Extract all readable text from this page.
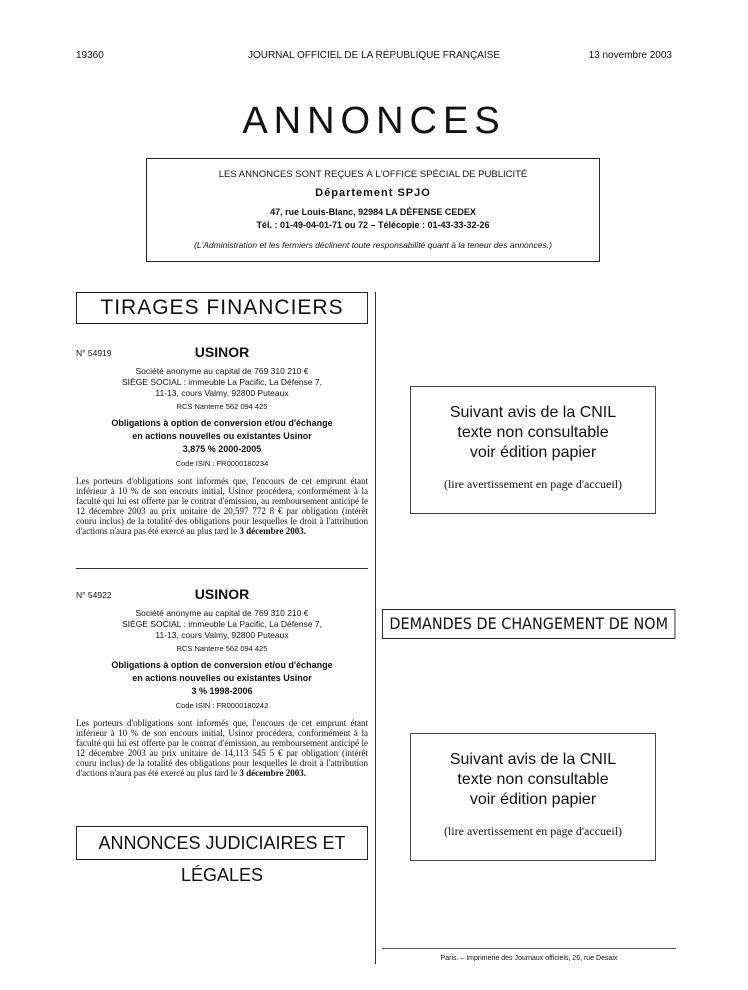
JOURNAL OFFICIEL DE LA RÉPUBLIQUE FRANÇAISE
19360	13 novembre 2003
ANNONCES
LES ANNONCES SONT REÇUES À L'OFFICE SPÉCIAL DE PUBLICITÉ
Département SPJO
47, rue Louis-Blanc, 92984 LA DÉFENSE CEDEX
Tél. : 01-49-04-01-71 ou 72 – Télécopie : 01-43-33-32-26
(L'Administration et les fermiers déclinent toute responsabilité quant à la teneur des annonces.)
TIRAGES FINANCIERS
N° 54919	USINOR
Société anonyme au capital de 769 310 210 €
SIÈGE SOCIAL : immeuble La Pacific, La Défense 7,
11-13, cours Valmy, 92800 Puteaux
RCS Nanterre 562 094 425
Obligations à option de conversion et/ou d'échange
en actions nouvelles ou existantes Usinor
3,875 % 2000-2005
Code ISIN : FR0000180234
Les porteurs d'obligations sont informés que, l'encours de cet emprunt étant inférieur à 10 % de son encours initial, Usinor procédera, conformément à la faculté qui lui est offerte par le contrat d'émission, au remboursement anticipé le 12 décembre 2003 au prix unitaire de 20,597 772 8 € par obligation (intérêt couru inclus) de la totalité des obligations pour lesquelles le droit à l'attribution d'actions n'aura pas été exercé au plus tard le 3 décembre 2003.
N° 54922	USINOR
Société anonyme au capital de 769 310 210 €
SIÈGE SOCIAL : immeuble La Pacific, La Défense 7,
11-13, cours Valmy, 92800 Puteaux
RCS Nanterre 562 094 425
Obligations à option de conversion et/ou d'échange
en actions nouvelles ou existantes Usinor
3 % 1998-2006
Code ISIN : FR0000180242
Les porteurs d'obligations sont informés que, l'encours de cet emprunt étant inférieur à 10 % de son encours initial, Usinor procédera, conformément à la faculté qui lui est offerte par le contrat d'émission, au remboursement anticipé le 12 décembre 2003 au prix unitaire de 14,113 545 5 € par obligation (intérêt couru inclus) de la totalité des obligations pour lesquelles le droit à l'attribution d'actions n'aura pas été exercé au plus tard le 3 décembre 2003.
ANNONCES JUDICIAIRES ET LÉGALES
Suivant avis de la CNIL
texte non consultable
voir édition papier
(lire avertissement en page d'accueil)
DEMANDES DE CHANGEMENT DE NOM
Suivant avis de la CNIL
texte non consultable
voir édition papier
(lire avertissement en page d'accueil)
Paris. – Imprimerie des Journaux officiels, 26, rue Desaix
